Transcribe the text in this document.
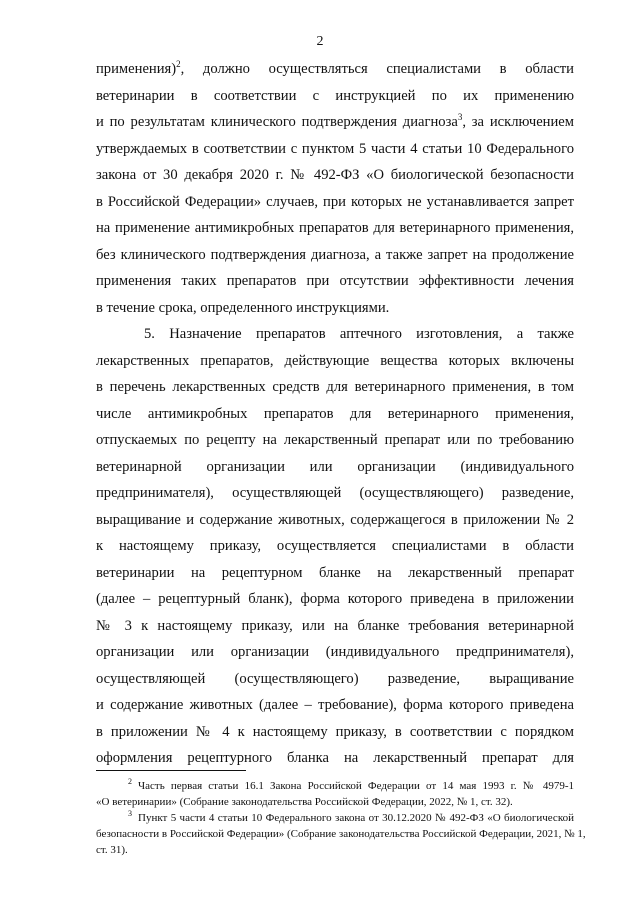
2
применения)$^2$, должно осуществляться специалистами в области
ветеринарии в соответствии с инструкцией по их применению
и по результатам клинического подтверждения диагноза$^3$, за исключением
утверждаемых в соответствии с пунктом 5 части 4 статьи 10 Федерального
закона от 30 декабря 2020 г. № 492-ФЗ «О биологической безопасности
в Российской Федерации» случаев, при которых не устанавливается запрет
на применение антимикробных препаратов для ветеринарного применения,
без клинического подтверждения диагноза, а также запрет на продолжение
применения таких препаратов при отсутствии эффективности лечения
в течение срока, определенного инструкциями.
5. Назначение препаратов аптечного изготовления, а также
лекарственных препаратов, действующие вещества которых включены
в перечень лекарственных средств для ветеринарного применения, в том
числе антимикробных препаратов для ветеринарного применения,
отпускаемых по рецепту на лекарственный препарат или по требованию
ветеринарной организации или организации (индивидуального
предпринимателя), осуществляющей (осуществляющего) разведение,
выращивание и содержание животных, содержащегося в приложении № 2
к настоящему приказу, осуществляется специалистами в области
ветеринарии на рецептурном бланке на лекарственный препарат
(далее – рецептурный бланк), форма которого приведена в приложении
№ 3 к настоящему приказу, или на бланке требования ветеринарной
организации или организации (индивидуального предпринимателя),
осуществляющей (осуществляющего) разведение, выращивание
и содержание животных (далее – требование), форма которого приведена
в приложении № 4 к настоящему приказу, в соответствии с порядком
оформления рецептурного бланка на лекарственный препарат для
$^2$ Часть первая статьи 16.1 Закона Российской Федерации от 14 мая 1993 г. № 4979-1
«О ветеринарии» (Собрание законодательства Российской Федерации, 2022, № 1, ст. 32).
$^3$ Пункт 5 части 4 статьи 10 Федерального закона от 30.12.2020 № 492-ФЗ «О биологической
безопасности в Российской Федерации» (Собрание законодательства Российской Федерации, 2021, № 1,
ст. 31).
